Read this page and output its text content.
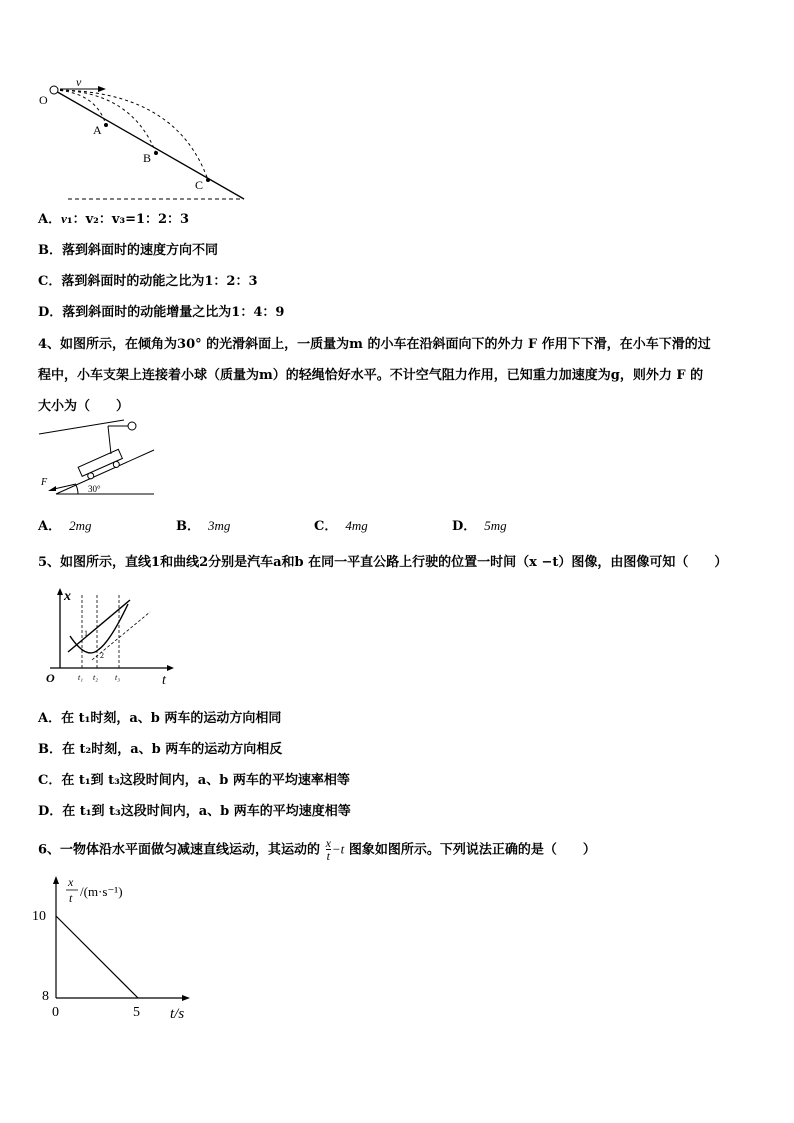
v
O
A
B
C
A．v₁：v₂：v₃=1：2：3
B．落到斜面时的速度方向不同
C．落到斜面时的动能之比为1：2：3
D．落到斜面时的动能增量之比为1：4：9
4、如图所示，在倾角为30° 的光滑斜面上，一质量为m 的小车在沿斜面向下的外力 F 作用下下滑，在小车下滑的过
程中，小车支架上连接着小球（质量为m）的轻绳恰好水平。不计空气阻力作用，已知重力加速度为g，则外力 F 的
大小为（　　）
F
30°
A． 2mg	B． 3mg	C． 4mg	D． 5mg
5、如图所示，直线1和曲线2分别是汽车a和b 在同一平直公路上行驶的位置一时间（x −t）图像，由图像可知（　　）
x
O	t
t₁ t₂ t₃
1
2
A．在 t₁时刻，a、b 两车的运动方向相同
B．在 t₂时刻，a、b 两车的运动方向相反
C．在 t₁到 t₃这段时间内，a、b 两车的平均速率相等
D．在 t₁到 t₃这段时间内，a、b 两车的平均速度相等
6、一物体沿水平面做匀减速直线运动，其运动的 $\frac{x}{t} -t$ 图象如图所示。下列说法正确的是（　　）
x
t /(m·s⁻¹)
10
8
0	5 t/s
